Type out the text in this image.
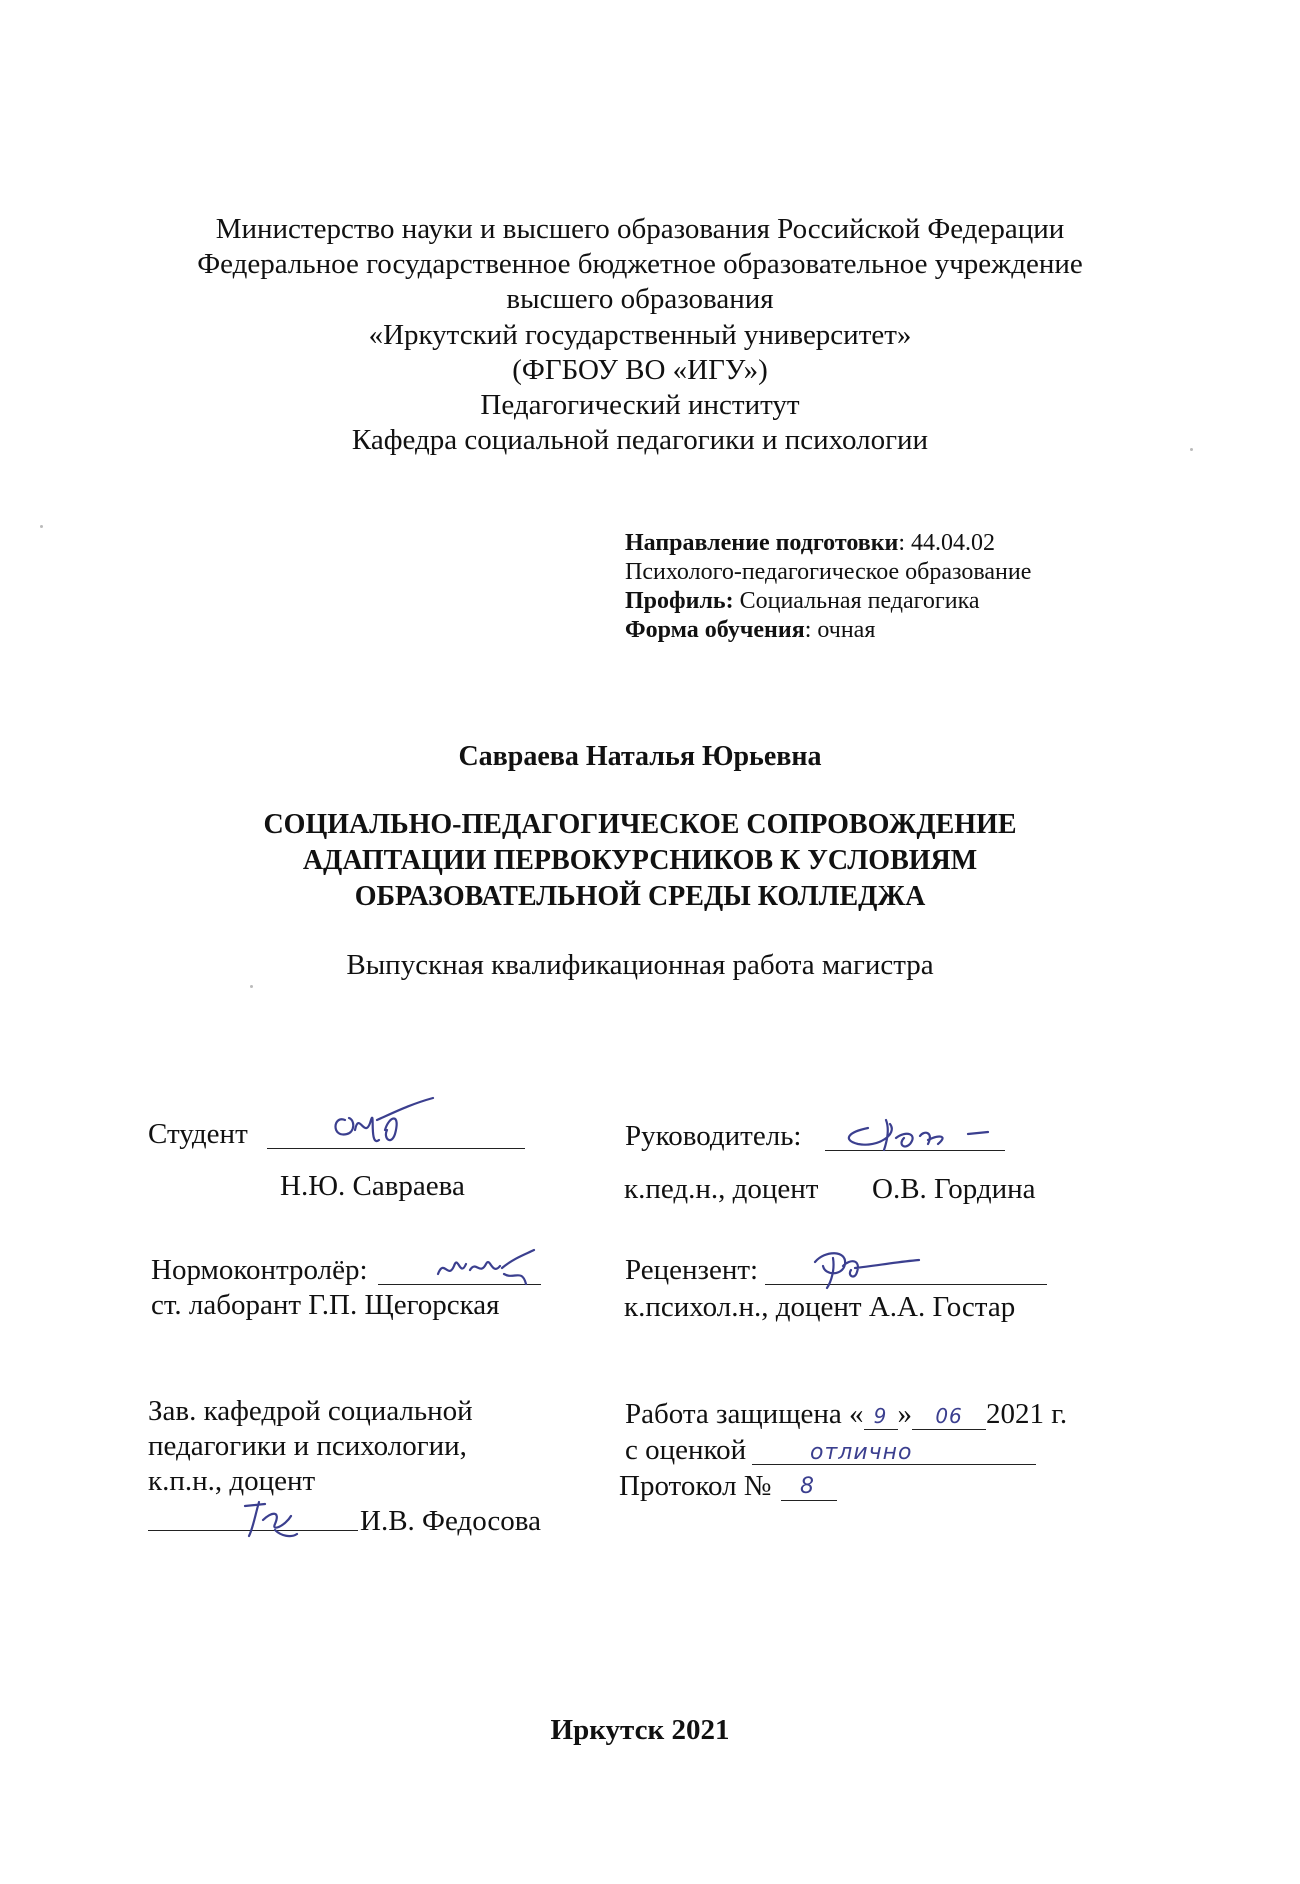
Министерство науки и высшего образования Российской Федерации
Федеральное государственное бюджетное образовательное учреждение
высшего образования
«Иркутский государственный университет»
(ФГБОУ ВО «ИГУ»)
Педагогический институт
Кафедра социальной педагогики и психологии
Направление подготовки: 44.04.02
Психолого-педагогическое образование
Профиль: Социальная педагогика
Форма обучения: очная
Савраева Наталья Юрьевна
СОЦИАЛЬНО-ПЕДАГОГИЧЕСКОЕ СОПРОВОЖДЕНИЕ
АДАПТАЦИИ ПЕРВОКУРСНИКОВ К УСЛОВИЯМ
ОБРАЗОВАТЕЛЬНОЙ СРЕДЫ КОЛЛЕДЖА
Выпускная квалификационная работа магистра
Студент
Н.Ю. Савраева
Руководитель:
к.пед.н., доцент О.В. Гордина
Нормоконтролёр:
ст. лаборант Г.П. Щегорская
Рецензент:
к.психол.н., доцент А.А. Гостар
Зав. кафедрой социальной
педагогики и психологии,
к.п.н., доцент
И.В. Федосова
Работа защищена « 9 » 06 2021 г.
с оценкой	отлично
Протокол № 8
Иркутск 2021
